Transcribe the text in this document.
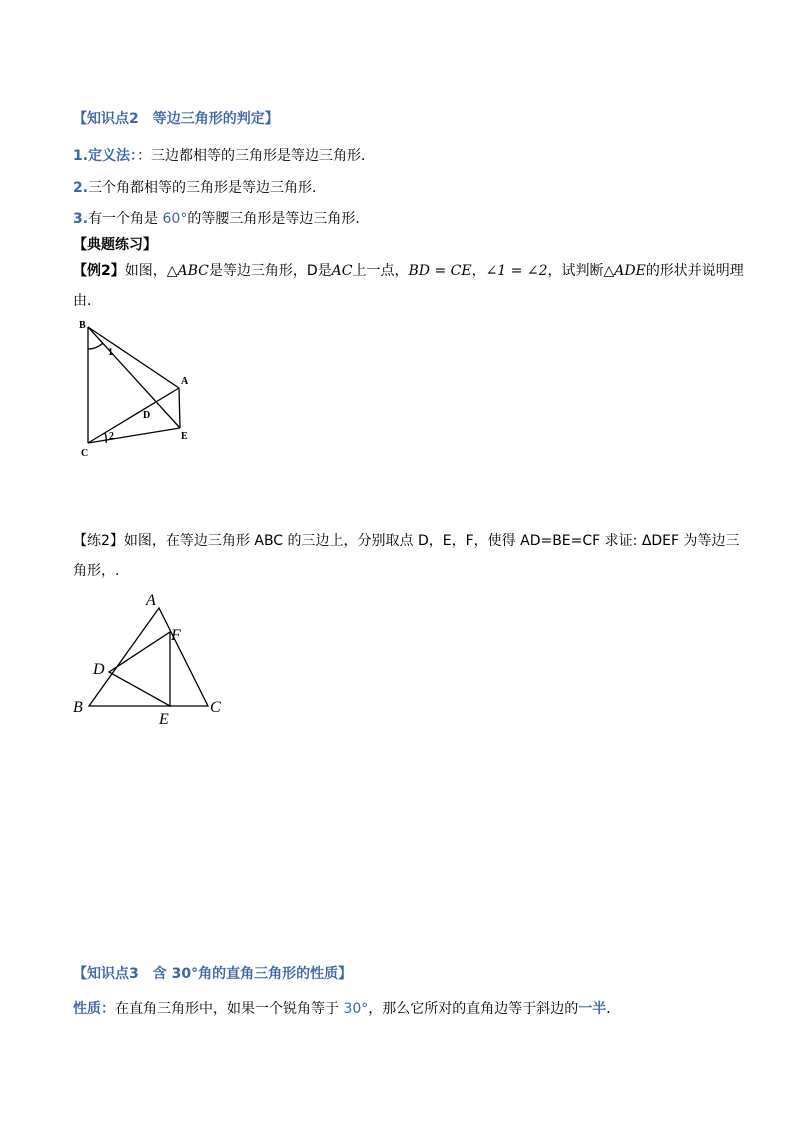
【知识点2　等边三角形的判定】
1.定义法：：三边都相等的三角形是等边三角形．
2.三个角都相等的三角形是等边三角形．
3.有一个角是 60°的等腰三角形是等边三角形．
【典题练习】
【例2】如图，△ABC是等边三角形，D是AC上一点，BD = CE，∠1 = ∠2，试判断△ADE的形状并说明理
由．
B
A
D
C
E
1
2
【练2】如图，在等边三角形 ABC 的三边上，分别取点 D，E，F，使得 AD=BE=CF 求证: ΔDEF 为等边三
角形，.
A
F
D
B
E
C
【知识点3　含 30°角的直角三角形的性质】
性质：在直角三角形中，如果一个锐角等于 30°，那么它所对的直角边等于斜边的一半．
